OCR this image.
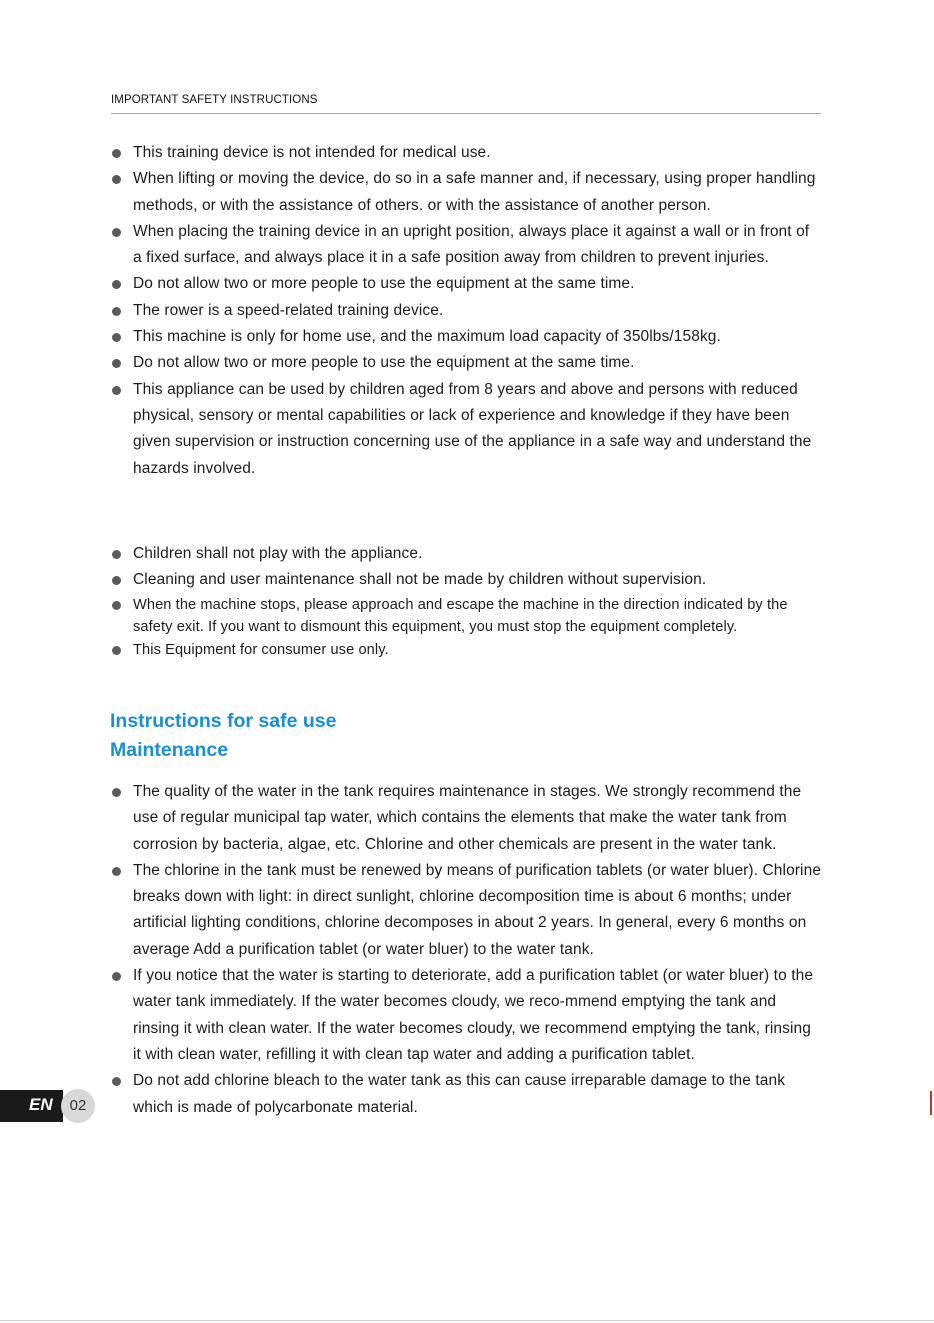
IMPORTANT SAFETY INSTRUCTIONS
This training device is not intended for medical use.
When lifting or moving the device, do so in a safe manner and, if necessary, using proper handling methods, or with the assistance of others. or with the assistance of another person.
When placing the training device in an upright position, always place it against a wall or in front of a fixed surface, and always place it in a safe position away from children to prevent injuries.
Do not allow two or more people to use the equipment at the same time.
The rower is a speed-related training device.
This machine is only for home use, and the maximum load capacity of 350lbs/158kg.
Do not allow two or more people to use the equipment at the same time.
This appliance can be used by children aged from 8 years and above and persons with reduced physical, sensory or mental capabilities or lack of experience and knowledge if they have been given supervision or instruction concerning use of the appliance in a safe way and understand the hazards involved.
Children shall not play with the appliance.
Cleaning and user maintenance shall not be made by children without supervision.
When the machine stops, please approach and escape the machine in the direction indicated by the safety exit. If you want to dismount this equipment, you must stop the equipment completely.
This Equipment for consumer use only.
Instructions for safe use
Maintenance
The quality of the water in the tank requires maintenance in stages. We strongly recommend the use of regular municipal tap water, which contains the elements that make the water tank from corrosion by bacteria, algae, etc. Chlorine and other chemicals are present in the water tank.
The chlorine in the tank must be renewed by means of purification tablets (or water bluer). Chlorine breaks down with light: in direct sunlight, chlorine decomposition time is about 6 months; under artificial lighting conditions, chlorine decomposes in about 2 years. In general, every 6 months on average Add a purification tablet (or water bluer) to the water tank.
If you notice that the water is starting to deteriorate, add a purification tablet (or water bluer) to the water tank immediately. If the water becomes cloudy, we reco-mmend emptying the tank and rinsing it with clean water. If the water becomes cloudy, we recommend emptying the tank, rinsing it with clean water, refilling it with clean tap water and adding a purification tablet.
Do not add chlorine bleach to the water tank as this can cause irreparable damage to the tank which is made of polycarbonate material.
EN	02
